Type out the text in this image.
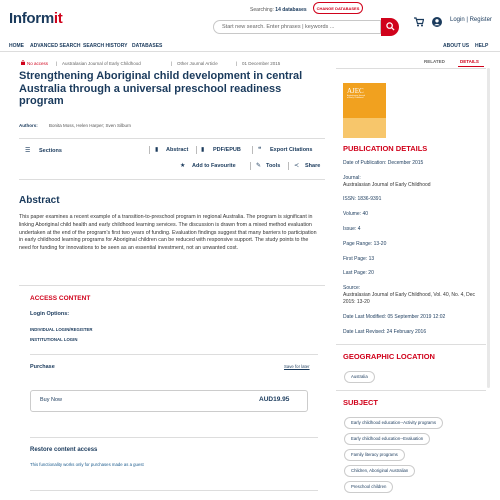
Informit	Searching: 14 databases	CHANGE DATABASES
Start new search. Enter phrases | keywords ...
Login | Register
HOME ADVANCED SEARCH SEARCH HISTORY DATABASES	ABOUT US HELP
No access | Australasian Journal of Early Childhood	| Other Journal Article	| 01 December 2015	RELATED	DETAILS
Strengthening Aboriginal child development in central Australia through a universal preschool readiness program
Authors:	Bonita Moss, Helen Harper; Sven Silburn
☰ Sections	▮ Abstract ▮ PDF/EPUB	❝ Export Citations
★ Add to Favourite	✎ Tools ≺ Share
Abstract
This paper examines a recent example of a transition-to-preschool program in regional Australia. The program is significant in linking Aboriginal child health and early childhood learning services. The discussion is drawn from a mixed method evaluation undertaken at the end of the program's first two years of funding. Evaluation findings suggest that many barriers to participation in early childhood learning programs for Aboriginal children can be reduced with responsive support. The study points to the need for funding for innovations to be seen as an essential investment, not an unwanted cost.
ACCESS CONTENT
Login Options:
INDIVIDUAL LOGIN/REGISTER
INSTITUTIONAL LOGIN
Purchase	Save for later
Buy Now	AUD19.95
Restore content access
This functionality works only for purchases made as a guest
AJEC
Australasian Journal of Early Childhood
PUBLICATION DETAILS
Date of Publication: December 2015
Journal:
Australasian Journal of Early Childhood
ISSN: 1836-9391
Volume: 40
Issue: 4
Page Range: 13-20
First Page: 13
Last Page: 20
Source:
Australasian Journal of Early Childhood, Vol. 40, No. 4, Dec 2015: 13-20
Date Last Modified: 05 September 2019 12:02
Date Last Revised: 24 February 2016
GEOGRAPHIC LOCATION
Australia
SUBJECT
Early childhood education--Activity programs
Early childhood education--Evaluation
Family literacy programs
Children, Aboriginal Australian
Preschool children
